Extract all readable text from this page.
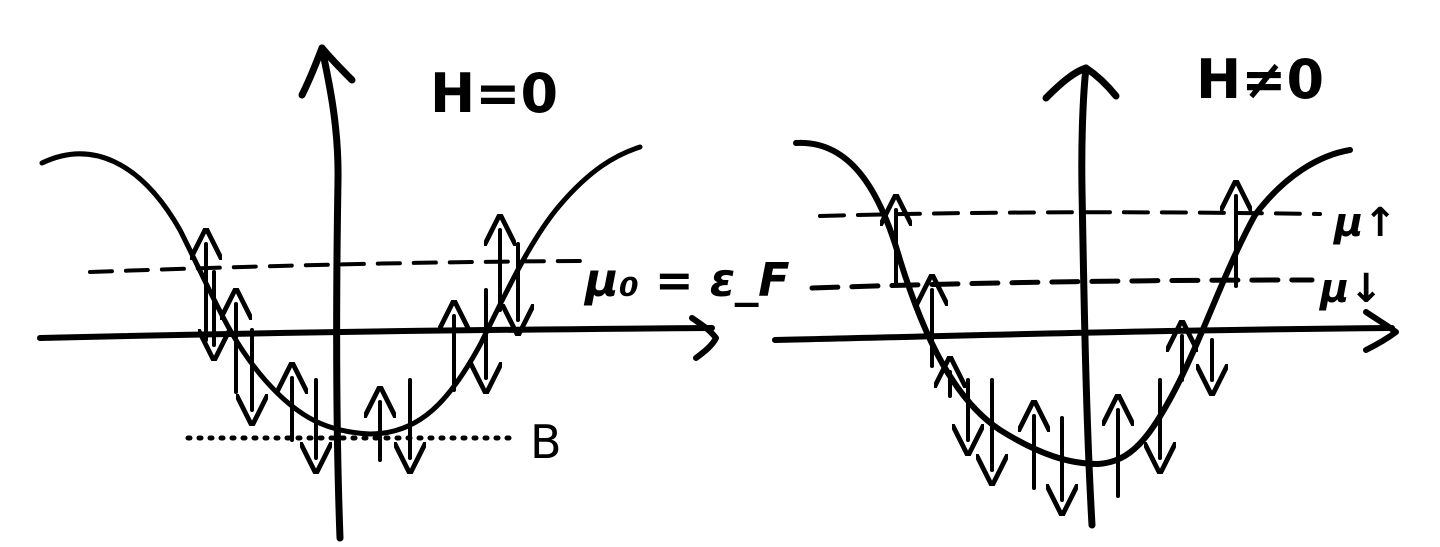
H=0
μ₀ = ε_F
B
H≠0
μ↑
μ↓
